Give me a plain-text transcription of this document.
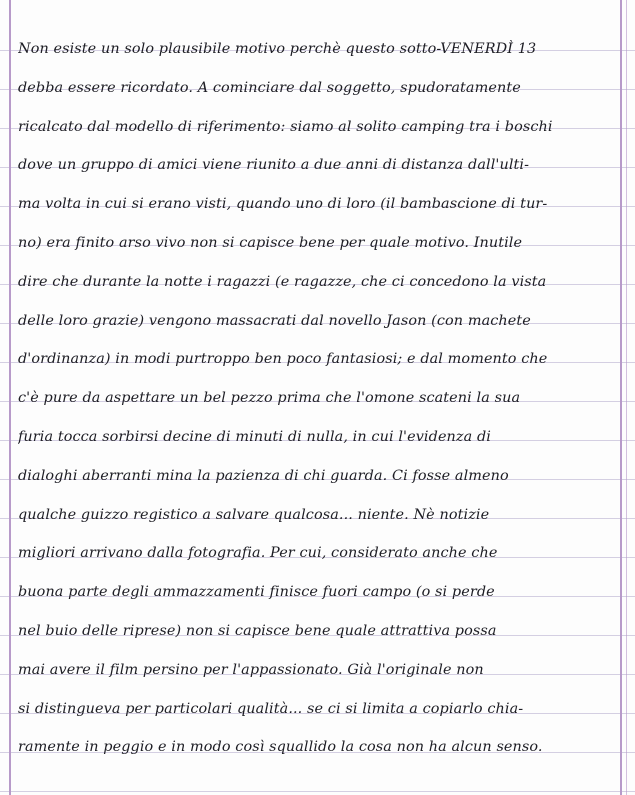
Non esiste un solo plausibile motivo perchè questo sotto-VENERDÌ 13
debba essere ricordato. A cominciare dal soggetto, spudoratamente
ricalcato dal modello di riferimento: siamo al solito camping tra i boschi
dove un gruppo di amici viene riunito a due anni di distanza dall'ulti-
ma volta in cui si erano visti, quando uno di loro (il bambascione di tur-
no) era finito arso vivo non si capisce bene per quale motivo. Inutile
dire che durante la notte i ragazzi (e ragazze, che ci concedono la vista
delle loro grazie) vengono massacrati dal novello Jason (con machete
d'ordinanza) in modi purtroppo ben poco fantasiosi; e dal momento che
c'è pure da aspettare un bel pezzo prima che l'omone scateni la sua
furia tocca sorbirsi decine di minuti di nulla, in cui l'evidenza di
dialoghi aberranti mina la pazienza di chi guarda. Ci fosse almeno
qualche guizzo registico a salvare qualcosa... niente. Nè notizie
migliori arrivano dalla fotografia. Per cui, considerato anche che
buona parte degli ammazzamenti finisce fuori campo (o si perde
nel buio delle riprese) non si capisce bene quale attrattiva possa
mai avere il film persino per l'appassionato. Già l'originale non
si distingueva per particolari qualità... se ci si limita a copiarlo chia-
ramente in peggio e in modo così squallido la cosa non ha alcun senso.
